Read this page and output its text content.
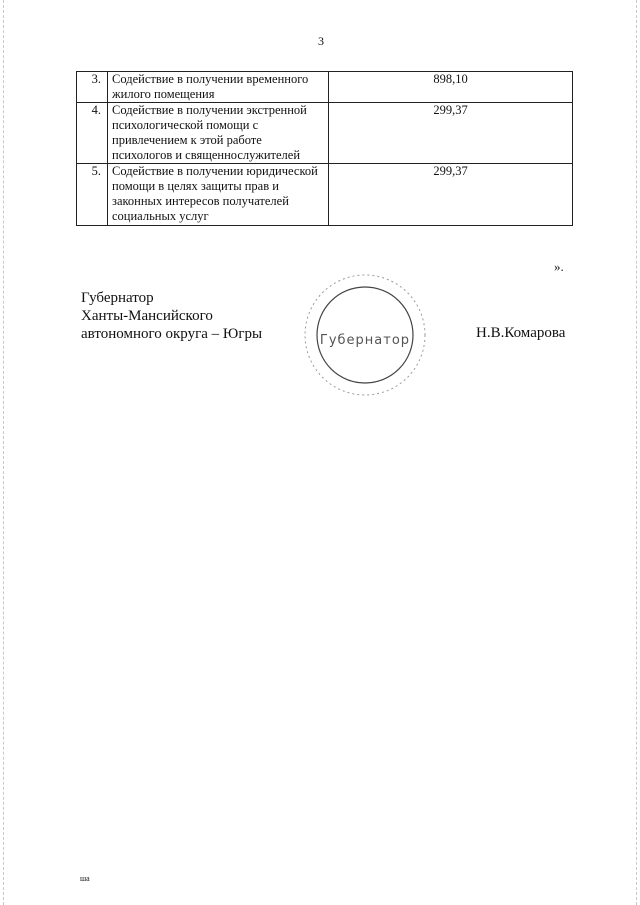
3
3.	Содействие в получении временного жилого помещения	898,10
4.	Содействие в получении экстренной психологической помощи с привлечением к этой работе психологов и священнослужителей	299,37
5.	Содействие в получении юридической помощи в целях защиты прав и законных интересов получателей социальных услуг	299,37
».
Губернатор
Ханты-Мансийского
автономного округа – Югры	Губернатор	Н.В.Комарова
ша
